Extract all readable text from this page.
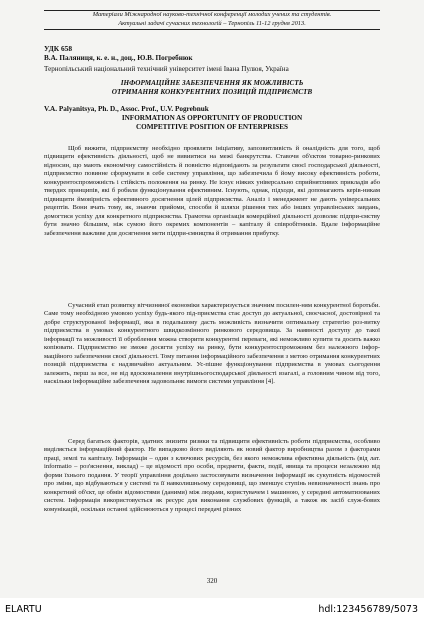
Матеріали Міжнародної науково-технічної конференції молодих учених та студентів.
Актуальні задачі сучасних технологій – Тернопіль 11-12 грудня 2013.
УДК 658
В.А. Паляниця, к. е. н., доц., Ю.В. Погребнюк
Тернопільський національний технічний університет імені Івана Пулюя, Україна
ІНФОРМАЦІЙНЕ ЗАБЕЗПЕЧЕННЯ ЯК МОЖЛИВІСТЬ
ОТРИМАННЯ КОНКУРЕНТНИХ ПОЗИЦІЙ ПІДПРИЄМСТВ
V.A. Palyanitsya, Ph. D., Assoc. Prof., U.V. Pogrebnuk
INFORMATION AS OPPORTUNITY OF PRODUCTION
COMPETITIVE POSITION OF ENTERPRISES

Щоб вижити, підприємству необхідно проявляти ініціативу, запозвитливість й оналідність для того, щоб підвищити ефективність діяльності, щоб не вивиитися на межі банкрутства. Ставочи об'єктом товарно-ринкових відносин, що мають економічну самостійність й повністю відповідають за результати своєї господарської діяльності, підприємство повинне сформувати в себе систему управління, що забезпечила б йому високу ефективність роботи, конкурентоспроможність і стійкість положення на ринку. Не існує ніяких універсально сприйнятливих прикладів або твердих принципів, які б робили функціонування ефективним. Існують, однак, підходи, які допомагають керів-никам підвищити ймовірність ефективного досягнення цілей підприємства. Аналіз і менеджмент не дають універсальних рецептів. Вони вчать тому, як, знаючи прийоми, способи й шляхи рішення тих або інших управлінських завдань, домогтися успіху для конкретного підприємства. Грамотна організація комерційної діяльності дозволяє підпри-ємству бути значно більшим, ніж сумою його окремих компонентів – капіталу й співробітників. Вдале інформаційне забезпечення важливе для досягнення мети підпри-ємництва й отримання прибутку.

Сучасний етап розвитку вітчизняної економіки характеризується значним посилен-ням конкурентної боротьби. Саме тому необхідною умовою успіху будь-якого під-приємства стає доступ до актуальної, своєчасної, достовірної та добре структурованої інформації, яка в подальшому дасть можливість визначити оптимальну стратегію роз-витку підприємства в умовах конкурентного швидкозмінного ринкового середовища. За наявності доступу до такої інформації та можливості її оброблення можна створити конкурентні переваги, які неможливо купити та досить важко копіювати. Підприємство не зможе досягти успіху на ринку, бути конкурентоспроможним без належного інфор-маційного забезпечення своєї діяльності. Тому питання інформаційного забезпечення з метою отримання конкурентних позицій підприємства є надзвичайно актуальним. Ус-пішне функціонування підприємства в умовах сьогодення залежить, перш за все, не від вдосконалення внутрішньогосподарської діяльності взагалі, а головним чином від того, наскільки інформаційне забезпечення задовольняє вимоги системи управління [4].

Серед багатьох факторів, здатних знизити ризики та підвищити ефективність роботи підприємства, особливо виділяється інформаційний фактор. Не випадково його виділяють як новий фактор виробництва разом з факторами праці, землі та капіталу. Інформація – один з ключових ресурсів, без якого неможлива ефективна діяльність (від лат. informatio – роз'яснення, виклад) – це відомості про особи, предмети, факти, події, явища та процеси незалежно від форми їхнього подання. У теорії управління доцільно застосовувати визначення інформації як сукупність відомостей про зміни, що відбуваються у системі та її навколишньому середовищі, що зменшує ступінь невизначеності знань про конкретний об'єкт, це обмін відомостями (даними) між людьми, користувачем і машиною, у середині автоматизованих систем. Інформація використовується як ресурс для виконання службових функцій, а також як засіб служ-бових комунікацій, оскільки останні здійснюються у процесі передачі різних

320
ELARTU	hdl:123456789/5073
